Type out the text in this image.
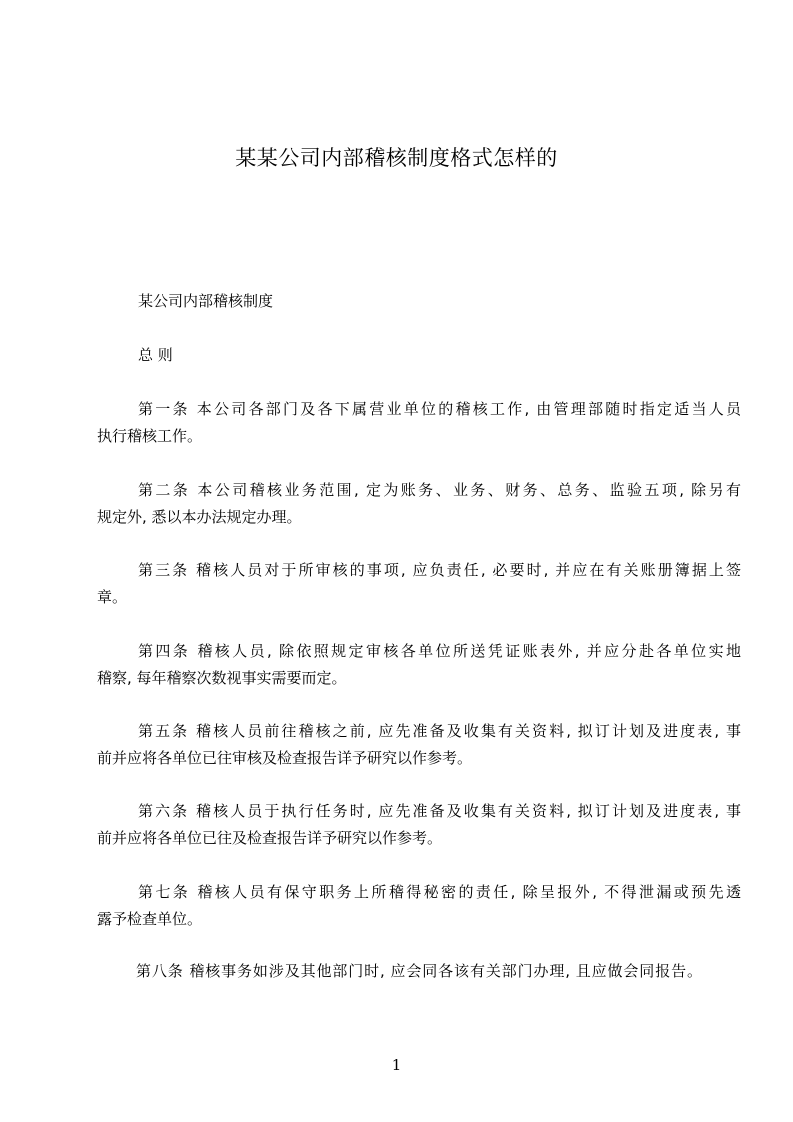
某某公司内部稽核制度格式怎样的
某公司内部稽核制度
总 则
第一条 本公司各部门及各下属营业单位的稽核工作, 由管理部随时指定适当人员
执行稽核工作。
第二条 本公司稽核业务范围, 定为账务、业务、财务、总务、监验五项, 除另有
规定外, 悉以本办法规定办理。
第三条 稽核人员对于所审核的事项, 应负责任, 必要时, 并应在有关账册簿据上签
章。
第四条 稽核人员, 除依照规定审核各单位所送凭证账表外, 并应分赴各单位实地
稽察, 每年稽察次数视事实需要而定。
第五条 稽核人员前往稽核之前, 应先准备及收集有关资料, 拟订计划及进度表, 事
前并应将各单位已往审核及检查报告详予研究以作参考。
第六条 稽核人员于执行任务时, 应先准备及收集有关资料, 拟订计划及进度表, 事
前并应将各单位已往及检查报告详予研究以作参考。
第七条 稽核人员有保守职务上所稽得秘密的责任, 除呈报外, 不得泄漏或预先透
露予检查单位。
第八条 稽核事务如涉及其他部门时, 应会同各该有关部门办理, 且应做会同报告。
1
